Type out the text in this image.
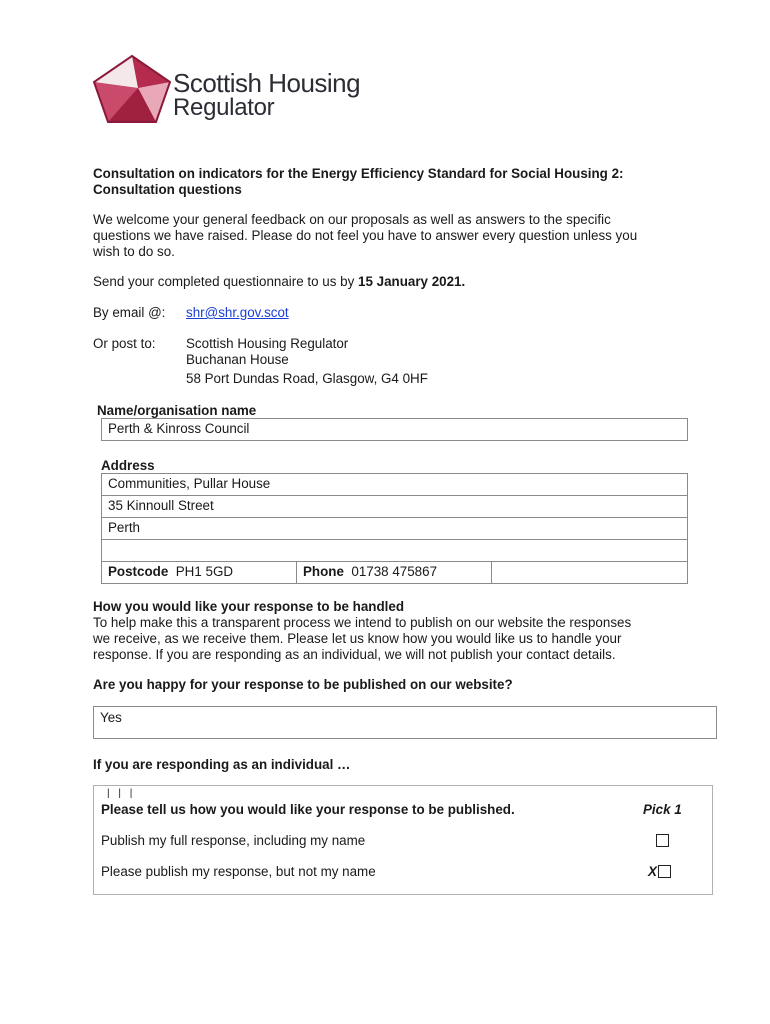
Scottish Housing
Regulator
Consultation on indicators for the Energy Efficiency Standard for Social Housing 2:
Consultation questions
We welcome your general feedback on our proposals as well as answers to the specific
questions we have raised. Please do not feel you have to answer every question unless you
wish to do so.
Send your completed questionnaire to us by 15 January 2021.
By email @: shr@shr.gov.scot
Or post to: Scottish Housing Regulator
Buchanan House
58 Port Dundas Road, Glasgow, G4 0HF
Name/organisation name
Perth & Kinross Council
Address
Communities, Pullar House
35 Kinnoull Street
Perth
Postcode PH1 5GD	Phone 01738 475867
How you would like your response to be handled
To help make this a transparent process we intend to publish on our website the responses
we receive, as we receive them. Please let us know how you would like us to handle your
response. If you are responding as an individual, we will not publish your contact details.
Are you happy for your response to be published on our website?
Yes
If you are responding as an individual …
| | |
Please tell us how you would like your response to be published.	Pick 1
Publish my full response, including my name
Please publish my response, but not my name	X
